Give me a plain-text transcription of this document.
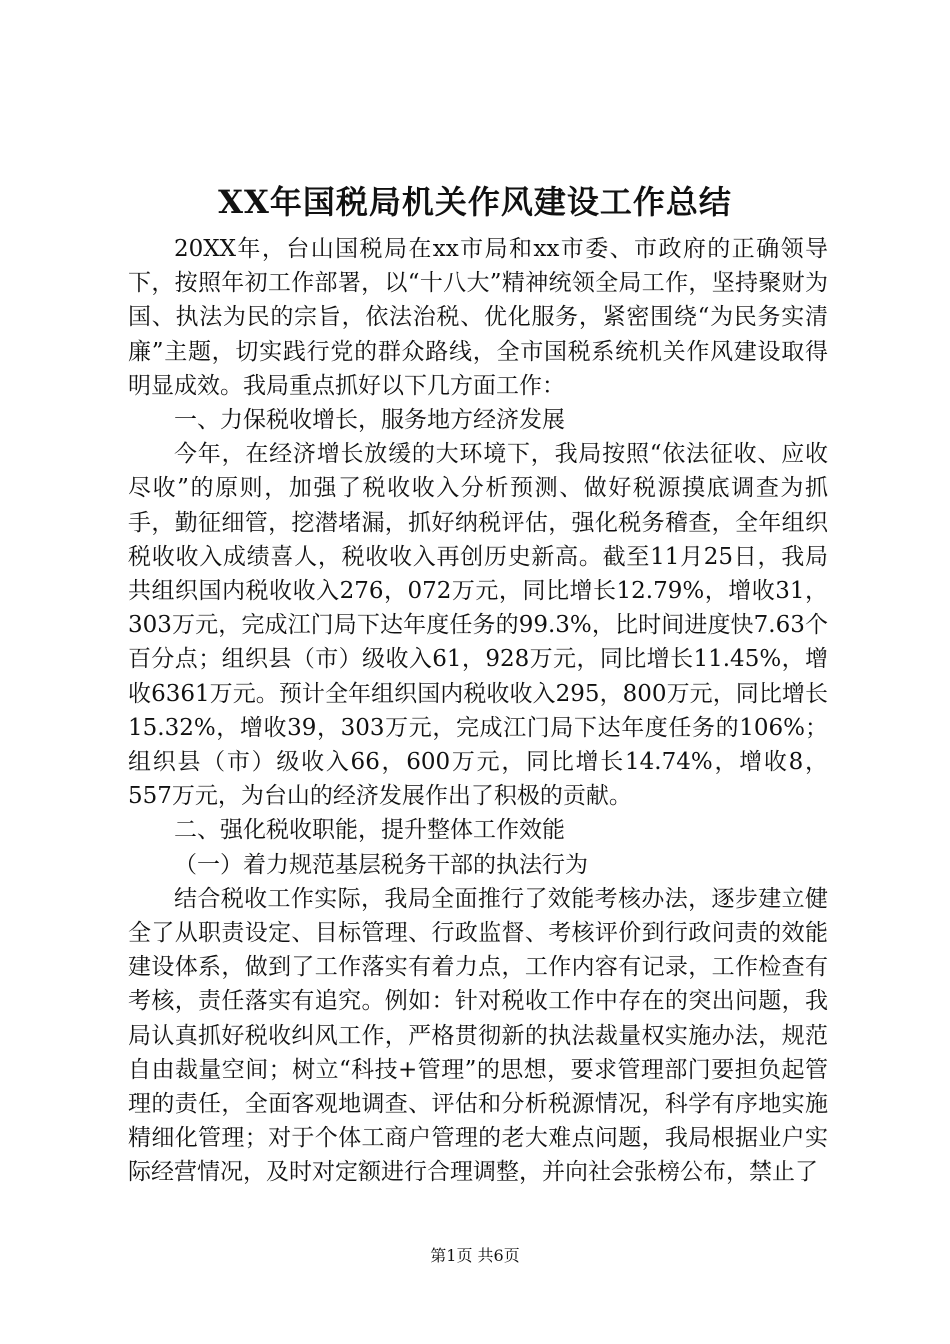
XX年国税局机关作风建设工作总结

20XX年，台山国税局在xx市局和xx市委、市政府的正确领导下，按照年初工作部署，以“十八大”精神统领全局工作，坚持聚财为国、执法为民的宗旨，依法治税、优化服务，紧密围绕“为民务实清廉”主题，切实践行党的群众路线，全市国税系统机关作风建设取得明显成效。我局重点抓好以下几方面工作：

一、力保税收增长，服务地方经济发展

今年，在经济增长放缓的大环境下，我局按照“依法征收、应收尽收”的原则，加强了税收收入分析预测、做好税源摸底调查为抓手，勤征细管，挖潜堵漏，抓好纳税评估，强化税务稽查，全年组织税收收入成绩喜人，税收收入再创历史新高。截至11月25日，我局共组织国内税收收入276，072万元，同比增长12.79%，增收31，303万元，完成江门局下达年度任务的99.3%，比时间进度快7.63个百分点；组织县（市）级收入61，928万元，同比增长11.45%，增收6361万元。预计全年组织国内税收收入295，800万元，同比增长15.32%，增收39，303万元，完成江门局下达年度任务的106%；组织县（市）级收入66，600万元，同比增长14.74%，增收8，557万元，为台山的经济发展作出了积极的贡献。

二、强化税收职能，提升整体工作效能

（一）着力规范基层税务干部的执法行为

结合税收工作实际，我局全面推行了效能考核办法，逐步建立健全了从职责设定、目标管理、行政监督、考核评价到行政问责的效能建设体系，做到了工作落实有着力点，工作内容有记录，工作检查有考核，责任落实有追究。例如：针对税收工作中存在的突出问题，我局认真抓好税收纠风工作，严格贯彻新的执法裁量权实施办法，规范自由裁量空间；树立“科技+管理”的思想，要求管理部门要担负起管理的责任，全面客观地调查、评估和分析税源情况，科学有序地实施精细化管理；对于个体工商户管理的老大难点问题，我局根据业户实际经营情况，及时对定额进行合理调整，并向社会张榜公布，禁止了

第1页 共6页
